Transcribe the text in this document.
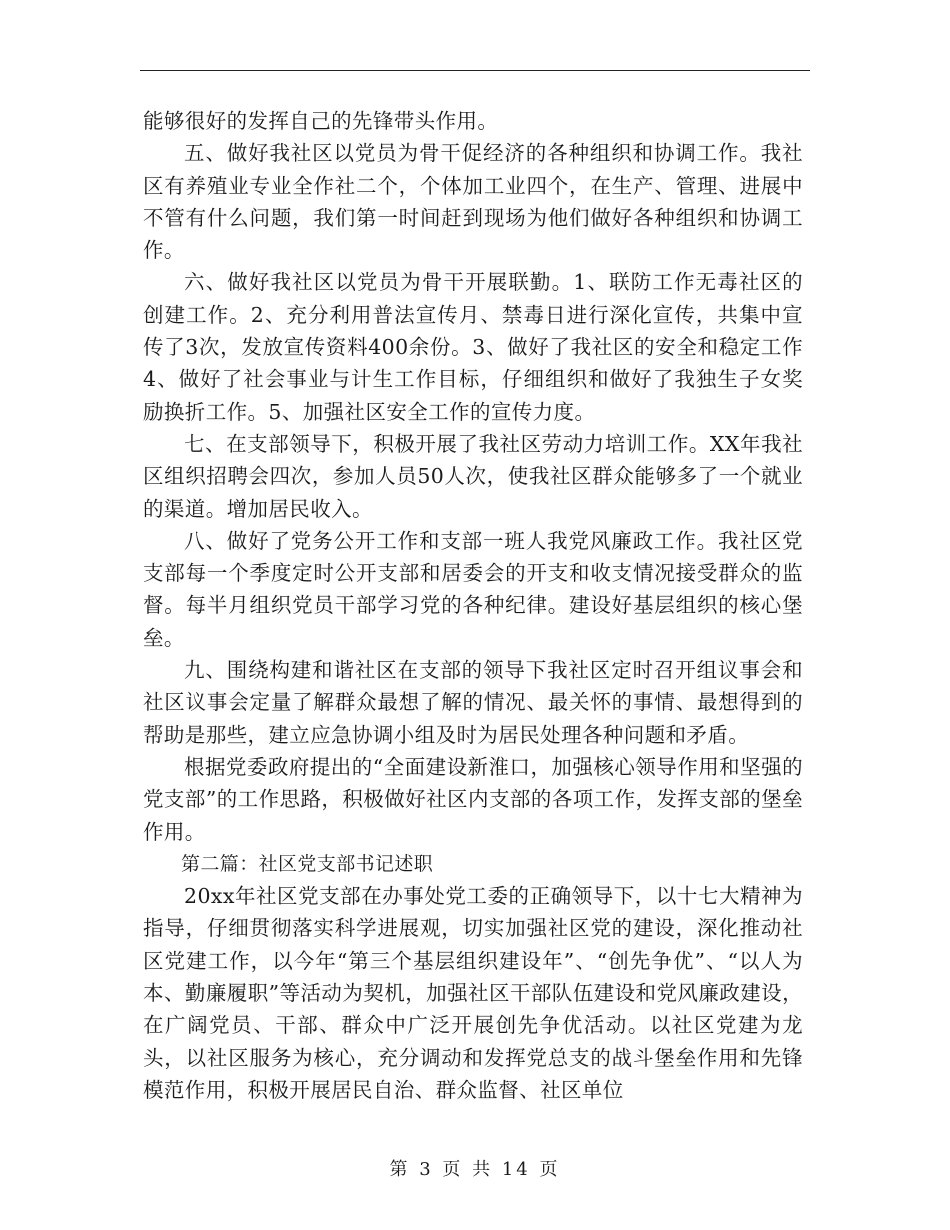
能够很好的发挥自己的先锋带头作用。

五、做好我社区以党员为骨干促经济的各种组织和协调工作。我社区有养殖业专业全作社二个，个体加工业四个，在生产、管理、进展中不管有什么问题，我们第一时间赶到现场为他们做好各种组织和协调工作。

六、做好我社区以党员为骨干开展联勤。1、联防工作无毒社区的创建工作。2、充分利用普法宣传月、禁毒日进行深化宣传，共集中宣传了3次，发放宣传资料400余份。3、做好了我社区的安全和稳定工作4、做好了社会事业与计生工作目标，仔细组织和做好了我独生子女奖励换折工作。5、加强社区安全工作的宣传力度。

七、在支部领导下，积极开展了我社区劳动力培训工作。XX年我社区组织招聘会四次，参加人员50人次，使我社区群众能够多了一个就业的渠道。增加居民收入。

八、做好了党务公开工作和支部一班人我党风廉政工作。我社区党支部每一个季度定时公开支部和居委会的开支和收支情况接受群众的监督。每半月组织党员干部学习党的各种纪律。建设好基层组织的核心堡垒。

九、围绕构建和谐社区在支部的领导下我社区定时召开组议事会和社区议事会定量了解群众最想了解的情况、最关怀的事情、最想得到的帮助是那些，建立应急协调小组及时为居民处理各种问题和矛盾。

根据党委政府提出的“全面建设新淮口，加强核心领导作用和坚强的党支部”的工作思路，积极做好社区内支部的各项工作，发挥支部的堡垒作用。

第二篇：社区党支部书记述职

20xx年社区党支部在办事处党工委的正确领导下，以十七大精神为指导，仔细贯彻落实科学进展观，切实加强社区党的建设，深化推动社区党建工作，以今年“第三个基层组织建设年”、“创先争优”、“以人为本、勤廉履职”等活动为契机，加强社区干部队伍建设和党风廉政建设，在广阔党员、干部、群众中广泛开展创先争优活动。以社区党建为龙头，以社区服务为核心，充分调动和发挥党总支的战斗堡垒作用和先锋模范作用，积极开展居民自治、群众监督、社区单位

第 3 页 共 14 页
